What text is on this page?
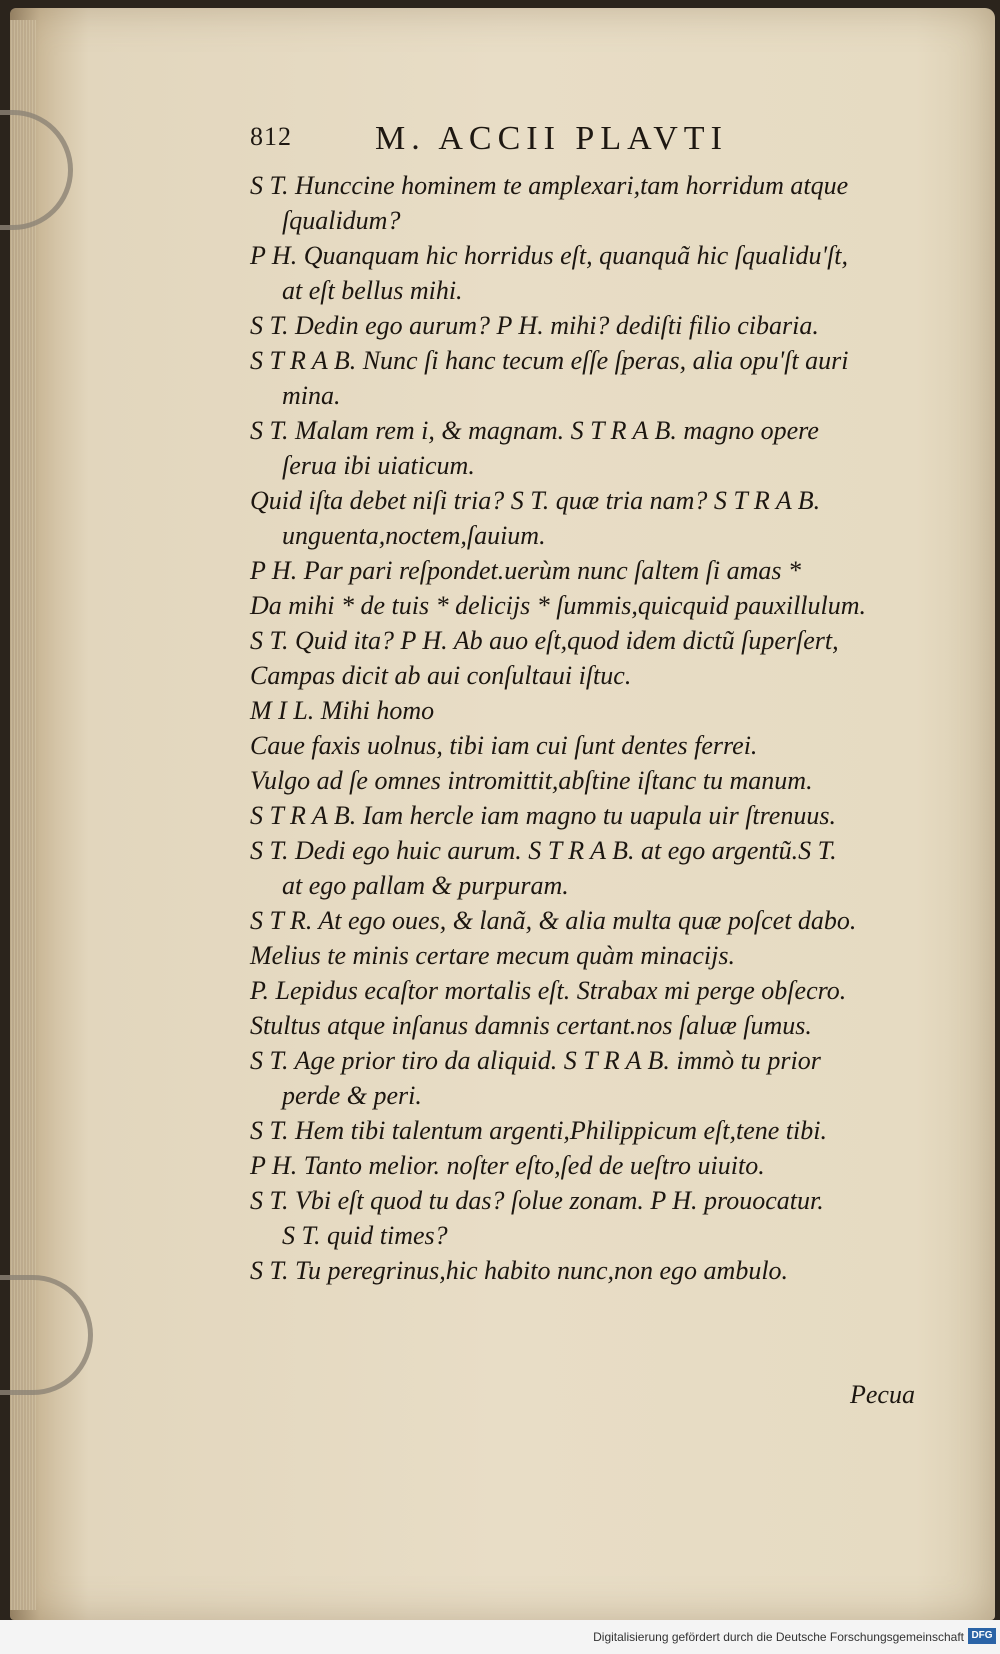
812 M. ACCII PLAVTI
S T. Hunccine hominem te amplexari,tam horridum atque
ſqualidum?
P H. Quanquam hic horridus eſt, quanquã hic ſqualidu'ſt,
at eſt bellus mihi.
S T. Dedin ego aurum? P H. mihi? dediſti filio cibaria.
S T R A B. Nunc ſi hanc tecum eſſe ſperas, alia opu'ſt auri
mina.
S T. Malam rem i, & magnam. S T R A B. magno opere
ſerua ibi uiaticum.
Quid iſta debet niſi tria? S T. quæ tria nam? S T R A B.
unguenta,noctem,ſauium.
P H. Par pari reſpondet.uerùm nunc ſaltem ſi amas *
Da mihi * de tuis * delicijs * ſummis,quicquid pauxillulum.
S T. Quid ita? P H. Ab auo eſt,quod idem dictũ ſuperſert,
Campas dicit ab aui conſultaui iſtuc.
M I L. Mihi homo
Caue faxis uolnus, tibi iam cui ſunt dentes ferrei.
Vulgo ad ſe omnes intromittit,abſtine iſtanc tu manum.
S T R A B. Iam hercle iam magno tu uapula uir ſtrenuus.
S T. Dedi ego huic aurum. S T R A B. at ego argentũ.S T.
at ego pallam & purpuram.
S T R. At ego oues, & lanã, & alia multa quæ poſcet dabo.
Melius te minis certare mecum quàm minacijs.
P. Lepidus ecaſtor mortalis eſt. Strabax mi perge obſecro.
Stultus atque inſanus damnis certant.nos ſaluæ ſumus.
S T. Age prior tiro da aliquid. S T R A B. immò tu prior
perde & peri.
S T. Hem tibi talentum argenti,Philippicum eſt,tene tibi.
P H. Tanto melior. noſter eſto,ſed de ueſtro uiuito.
S T. Vbi eſt quod tu das? ſolue zonam. P H. prouocatur.
S T. quid times?
S T. Tu peregrinus,hic habito nunc,non ego ambulo.
Pecua
Digitalisierung gefördert durch die Deutsche Forschungsgemeinschaft DFG
